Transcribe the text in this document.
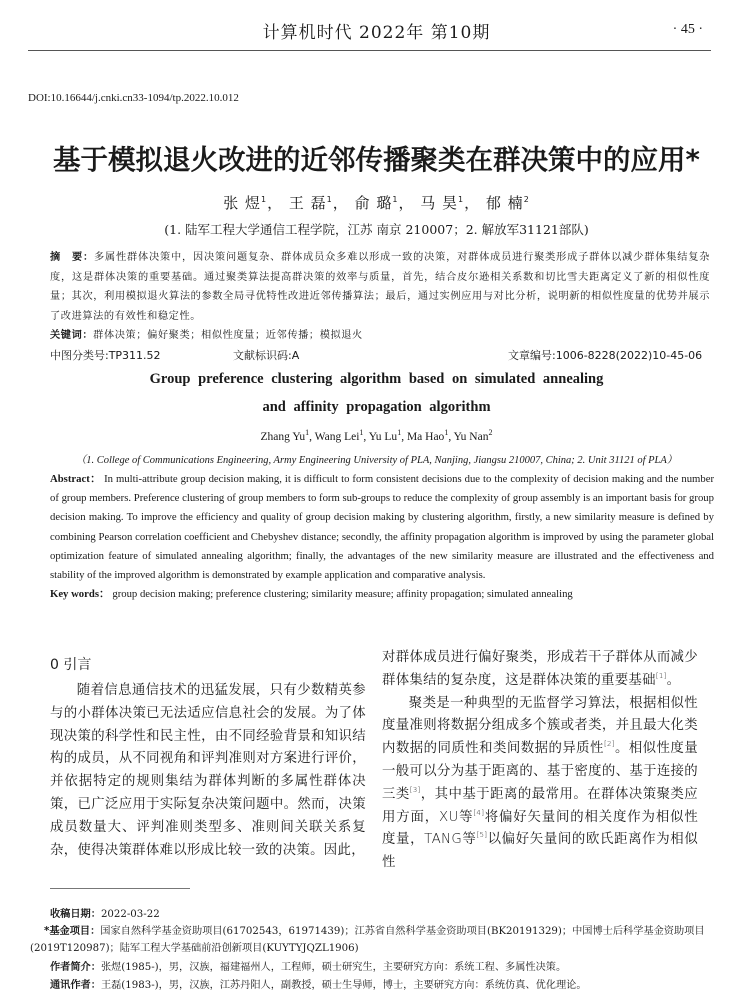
计算机时代 2022年 第10期	· 45 ·
DOI:10.16644/j.cnki.cn33-1094/tp.2022.10.012
基于模拟退火改进的近邻传播聚类在群决策中的应用*
张 煜$^1$， 王 磊$^1$， 俞 璐$^1$， 马 昊$^1$， 郁 楠$^2$
(1. 陆军工程大学通信工程学院，江苏 南京 210007；2. 解放军31121部队)
摘　要：多属性群体决策中，因决策问题复杂、群体成员众多难以形成一致的决策，对群体成员进行聚类形成子群体以减少群体集结复杂度，这是群体决策的重要基础。通过聚类算法提高群决策的效率与质量，首先，结合皮尔逊相关系数和切比雪夫距离定义了新的相似性度量；其次，利用模拟退火算法的参数全局寻优特性改进近邻传播算法；最后，通过实例应用与对比分析，说明新的相似性度量的优势并展示了改进算法的有效性和稳定性。
关键词：群体决策；偏好聚类；相似性度量；近邻传播；模拟退火
中图分类号:TP311.52	文献标识码:A	文章编号:1006-8228(2022)10-45-06
Group preference clustering algorithm based on simulated annealing
and affinity propagation algorithm
Zhang Yu$^1$, Wang Lei$^1$, Yu Lu$^1$, Ma Hao$^1$, Yu Nan$^2$
（1. College of Communications Engineering, Army Engineering University of PLA, Nanjing, Jiangsu 210007, China; 2. Unit 31121 of PLA）
Abstract： In multi-attribute group decision making, it is difficult to form consistent decisions due to the complexity of decision making and the number of group members. Preference clustering of group members to form sub-groups to reduce the complexity of group assembly is an important basis for group decision making. To improve the efficiency and quality of group decision making by clustering algorithm, firstly, a new similarity measure is defined by combining Pearson correlation coefficient and Chebyshev distance; secondly, the affinity propagation algorithm is improved by using the parameter global optimization feature of simulated annealing algorithm; finally, the advantages of the new similarity measure are illustrated and the effectiveness and stability of the improved algorithm is demonstrated by example application and comparative analysis.
Key words： group decision making; preference clustering; similarity measure; affinity propagation; simulated annealing
0 引言

随着信息通信技术的迅猛发展，只有少数精英参与的小群体决策已无法适应信息社会的发展。为了体现决策的科学性和民主性，由不同经验背景和知识结构的成员，从不同视角和评判准则对方案进行评价，并依据特定的规则集结为群体判断的多属性群体决策，已广泛应用于实际复杂决策问题中。然而，决策成员数量大、评判准则类型多、准则间关联关系复杂，使得决策群体难以形成比较一致的决策。因此，

对群体成员进行偏好聚类，形成若干子群体从而减少群体集结的复杂度，这是群体决策的重要基础[1]。

聚类是一种典型的无监督学习算法，根据相似性度量准则将数据分组成多个簇或者类，并且最大化类内数据的同质性和类间数据的异质性[2]。相似性度量一般可以分为基于距离的、基于密度的、基于连接的三类[3]，其中基于距离的最常用。在群体决策聚类应用方面，XU等[4]将偏好矢量间的相关度作为相似性度量，TANG等[5]以偏好矢量间的欧氏距离作为相似性

收稿日期：2022-03-22
*基金项目：国家自然科学基金资助项目(61702543，61971439)；江苏省自然科学基金资助项目(BK20191329)；中国博士后科学基金资助项目(2019T120987)；陆军工程大学基础前沿创新项目(KUYTYJQZL1906)
作者简介：张煜(1985-)，男，汉族，福建福州人，工程师，硕士研究生，主要研究方向：系统工程、多属性决策。
通讯作者：王磊(1983-)，男，汉族，江苏丹阳人，副教授，硕士生导师，博士，主要研究方向：系统仿真、优化理论。
